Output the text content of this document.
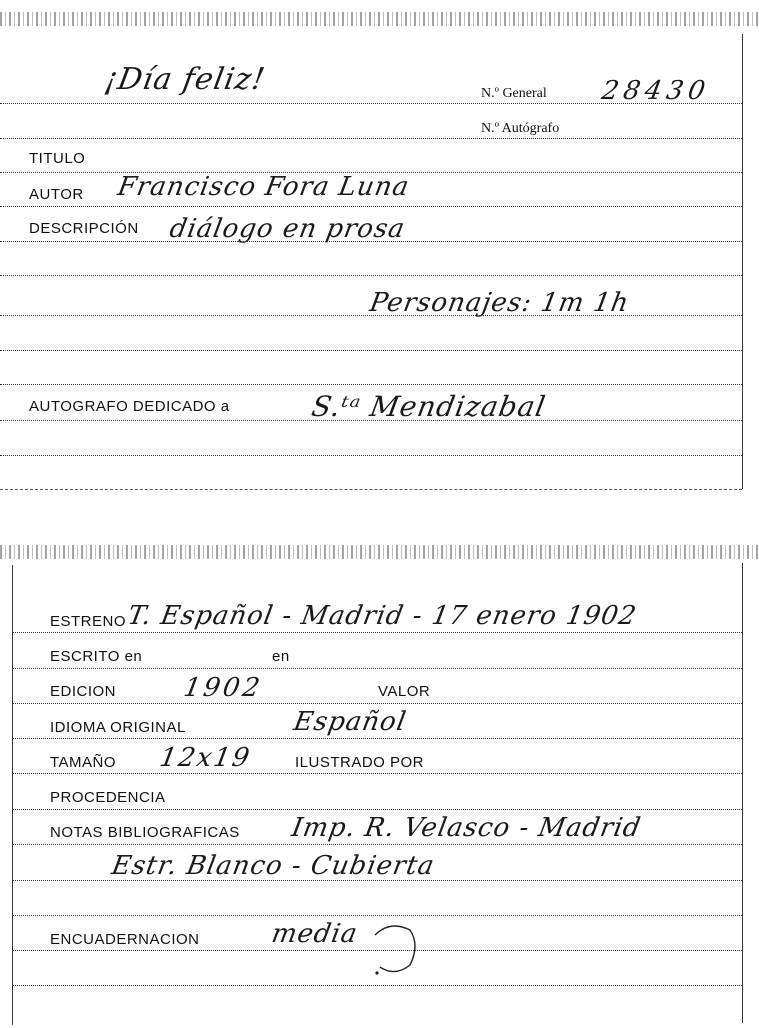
¡Día feliz!	N.º General 28430
N.º Autógrafo
TITULO
AUTOR Francisco Fora Luna
DESCRIPCIÓN diálogo en prosa
Personajes: 1m 1h
AUTOGRAFO DEDICADO a	S.ᵗᵃ Mendizabal
ESTRENO T. Español - Madrid - 17 enero 1902
ESCRITO en	en
EDICION	1902	VALOR
IDIOMA ORIGINAL	Español
TAMAÑO 12x19	ILUSTRADO POR
PROCEDENCIA
NOTAS BIBLIOGRAFICAS Imp. R. Velasco - Madrid
Estr. Blanco - Cubierta
ENCUADERNACION	media
